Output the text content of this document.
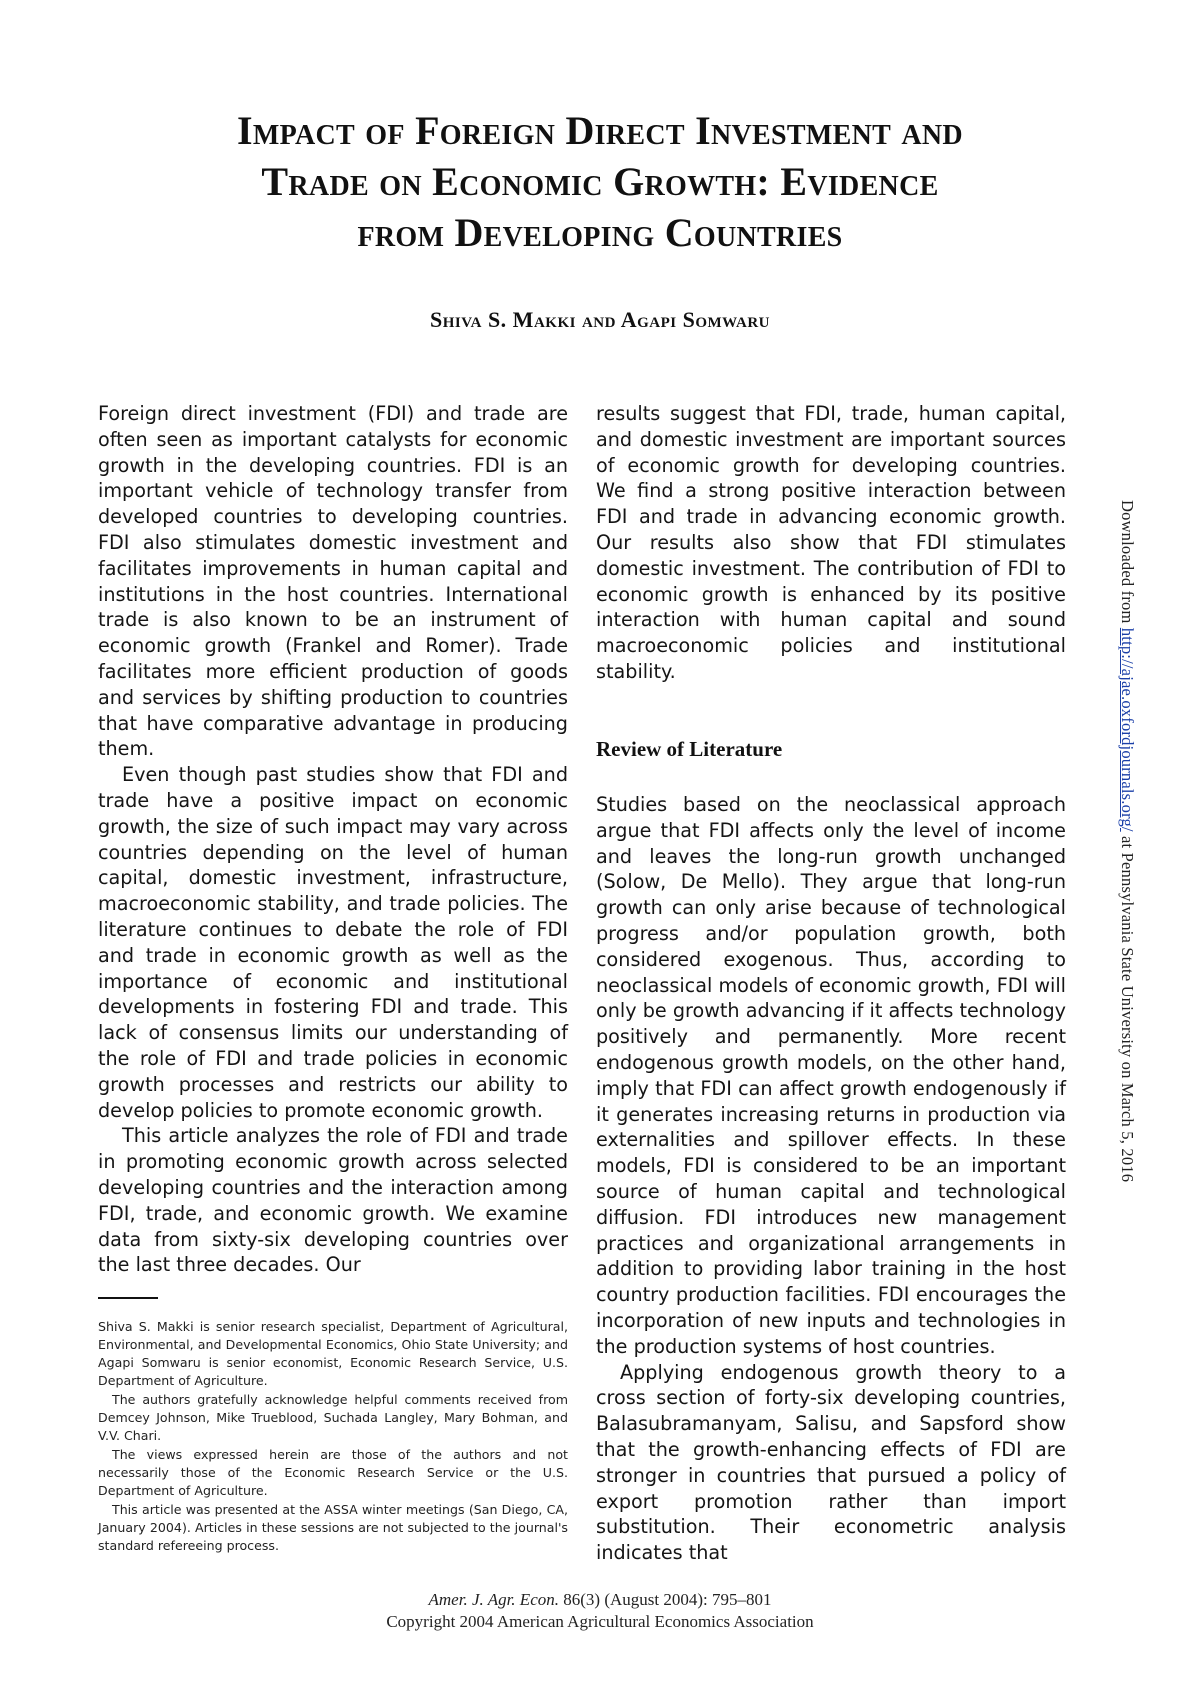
Impact of Foreign Direct Investment and
Trade on Economic Growth: Evidence
from Developing Countries
Shiva S. Makki and Agapi Somwaru

Foreign direct investment (FDI) and trade are often seen as important catalysts for economic growth in the developing countries. FDI is an important vehicle of technology transfer from developed countries to developing countries. FDI also stimulates domestic investment and facilitates improvements in human capital and institutions in the host countries. International trade is also known to be an instrument of economic growth (Frankel and Romer). Trade facilitates more efficient production of goods and services by shifting production to countries that have comparative advantage in producing them.

Even though past studies show that FDI and trade have a positive impact on economic growth, the size of such impact may vary across countries depending on the level of human capital, domestic investment, infrastructure, macroeconomic stability, and trade policies. The literature continues to debate the role of FDI and trade in economic growth as well as the importance of economic and institutional developments in fostering FDI and trade. This lack of consensus limits our understanding of the role of FDI and trade policies in economic growth processes and restricts our ability to develop policies to promote economic growth.

This article analyzes the role of FDI and trade in promoting economic growth across selected developing countries and the interaction among FDI, trade, and economic growth. We examine data from sixty-six developing countries over the last three decades. Our

results suggest that FDI, trade, human capital, and domestic investment are important sources of economic growth for developing countries. We find a strong positive interaction between FDI and trade in advancing economic growth. Our results also show that FDI stimulates domestic investment. The contribution of FDI to economic growth is enhanced by its positive interaction with human capital and sound macroeconomic policies and institutional stability.

Review of Literature

Studies based on the neoclassical approach argue that FDI affects only the level of income and leaves the long-run growth unchanged (Solow, De Mello). They argue that long-run growth can only arise because of technological progress and/or population growth, both considered exogenous. Thus, according to neoclassical models of economic growth, FDI will only be growth advancing if it affects technology positively and permanently. More recent endogenous growth models, on the other hand, imply that FDI can affect growth endogenously if it generates increasing returns in production via externalities and spillover effects. In these models, FDI is considered to be an important source of human capital and technological diffusion. FDI introduces new management practices and organizational arrangements in addition to providing labor training in the host country production facilities. FDI encourages the incorporation of new inputs and technologies in the production systems of host countries.

Applying endogenous growth theory to a cross section of forty-six developing countries, Balasubramanyam, Salisu, and Sapsford show that the growth-enhancing effects of FDI are stronger in countries that pursued a policy of export promotion rather than import substitution. Their econometric analysis indicates that

Shiva S. Makki is senior research specialist, Department of Agricultural, Environmental, and Developmental Economics, Ohio State University; and Agapi Somwaru is senior economist, Economic Research Service, U.S. Department of Agriculture.

The authors gratefully acknowledge helpful comments received from Demcey Johnson, Mike Trueblood, Suchada Langley, Mary Bohman, and V.V. Chari.

The views expressed herein are those of the authors and not necessarily those of the Economic Research Service or the U.S. Department of Agriculture.

This article was presented at the ASSA winter meetings (San Diego, CA, January 2004). Articles in these sessions are not subjected to the journal's standard refereeing process.

Amer. J. Agr. Econ. 86(3) (August 2004): 795–801
Copyright 2004 American Agricultural Economics Association
Downloaded from http://ajae.oxfordjournals.org/ at Pennsylvania State University on March 5, 2016
